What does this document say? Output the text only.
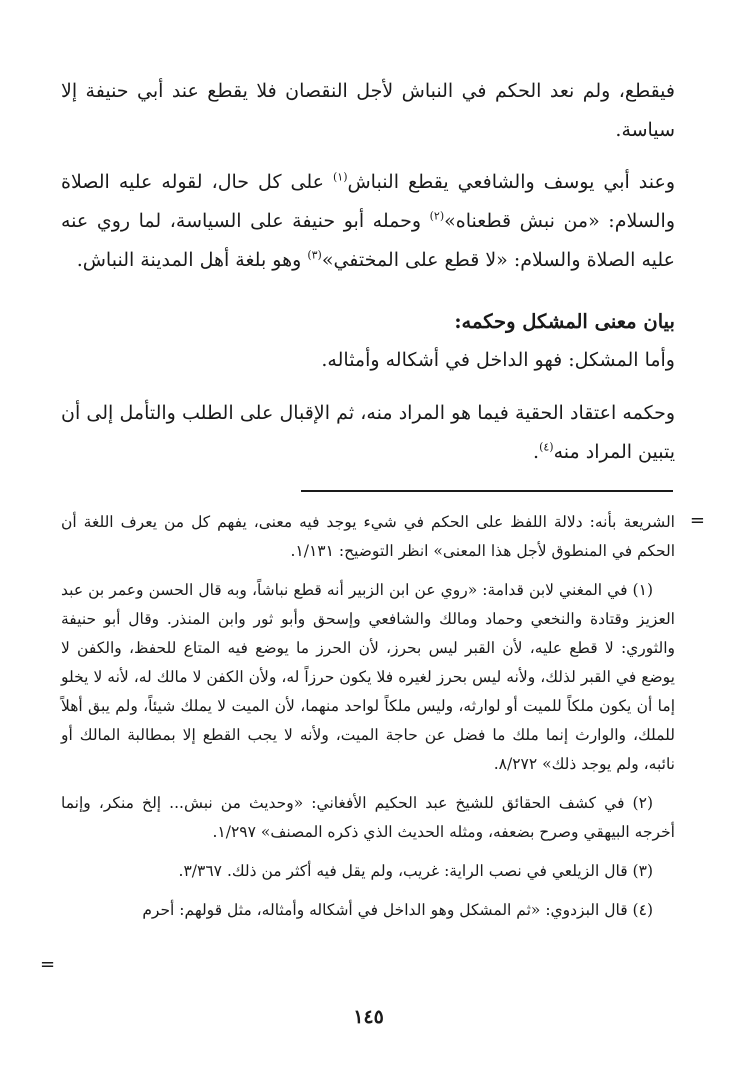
فيقطع، ولم نعد الحكم في النباش لأجل النقصان فلا يقطع عند أبي حنيفة إلا سياسة.

وعند أبي يوسف والشافعي يقطع النباش$^{(١)}$ على كل حال، لقوله عليه الصلاة والسلام: «من نبش قطعناه»$^{(٢)}$ وحمله أبو حنيفة على السياسة، لما روي عنه عليه الصلاة والسلام: «لا قطع على المختفي»$^{(٣)}$ وهو بلغة أهل المدينة النباش.

بيان معنى المشكل وحكمه:

وأما المشكل: فهو الداخل في أشكاله وأمثاله.

وحكمه اعتقاد الحقية فيما هو المراد منه، ثم الإقبال على الطلب والتأمل إلى أن يتبين المراد منه$^{(٤)}$.

=

الشريعة بأنه: دلالة اللفظ على الحكم في شيء يوجد فيه معنى، يفهم كل من يعرف اللغة أن الحكم في المنطوق لأجل هذا المعنى» انظر التوضيح: ١/١٣١.

(١) في المغني لابن قدامة: «روي عن ابن الزبير أنه قطع نباشاً، وبه قال الحسن وعمر بن عبد العزيز وقتادة والنخعي وحماد ومالك والشافعي وإسحق وأبو ثور وابن المنذر. وقال أبو حنيفة والثوري: لا قطع عليه، لأن القبر ليس بحرز، لأن الحرز ما يوضع فيه المتاع للحفظ، والكفن لا يوضع في القبر لذلك، ولأنه ليس بحرز لغيره فلا يكون حرزاً له، ولأن الكفن لا مالك له، لأنه لا يخلو إما أن يكون ملكاً للميت أو لوارثه، وليس ملكاً لواحد منهما، لأن الميت لا يملك شيئاً، ولم يبق أهلاً للملك، والوارث إنما ملك ما فضل عن حاجة الميت، ولأنه لا يجب القطع إلا بمطالبة المالك أو نائبه، ولم يوجد ذلك» ٨/٢٧٢.

(٢) في كشف الحقائق للشيخ عبد الحكيم الأفغاني: «وحديث من نبش... إلخ منكر، وإنما أخرجه البيهقي وصرح بضعفه، ومثله الحديث الذي ذكره المصنف» ١/٢٩٧.

(٣) قال الزيلعي في نصب الراية: غريب، ولم يقل فيه أكثر من ذلك. ٣/٣٦٧.

(٤) قال البزدوي: «ثم المشكل وهو الداخل في أشكاله وأمثاله، مثل قولهم: أحرم

=
١٤٥
